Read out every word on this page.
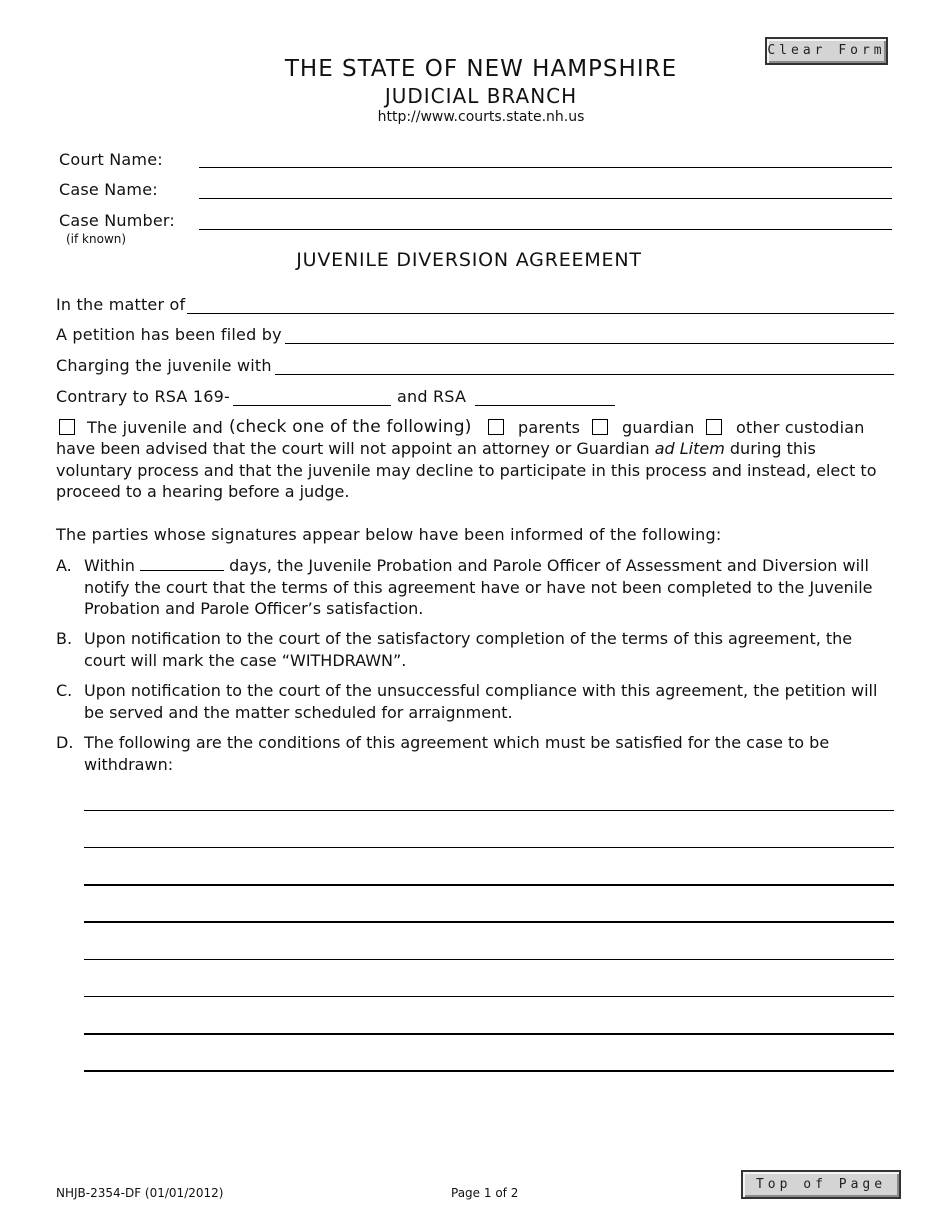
Clear Form
THE STATE OF NEW HAMPSHIRE
JUDICIAL BRANCH
http://www.courts.state.nh.us
Court Name:
Case Name:
Case Number:
(if known)
JUVENILE DIVERSION AGREEMENT
In the matter of
A petition has been filed by
Charging the juvenile with
Contrary to RSA 169-	and RSA
The juvenile and (check one of the following)	parents	guardian	other custodian
have been advised that the court will not appoint an attorney or Guardian ad Litem during this voluntary process and that the juvenile may decline to participate in this process and instead, elect to proceed to a hearing before a judge.
The parties whose signatures appear below have been informed of the following:
A. Within	days, the Juvenile Probation and Parole Officer of Assessment and Diversion will notify the court that the terms of this agreement have or have not been completed to the Juvenile Probation and Parole Officer’s satisfaction.
B. Upon notification to the court of the satisfactory completion of the terms of this agreement, the court will mark the case “WITHDRAWN”.
C. Upon notification to the court of the unsuccessful compliance with this agreement, the petition will be served and the matter scheduled for arraignment.
D. The following are the conditions of this agreement which must be satisfied for the case to be withdrawn:
Top of Page
NHJB-2354-DF (01/01/2012)	Page 1 of 2
